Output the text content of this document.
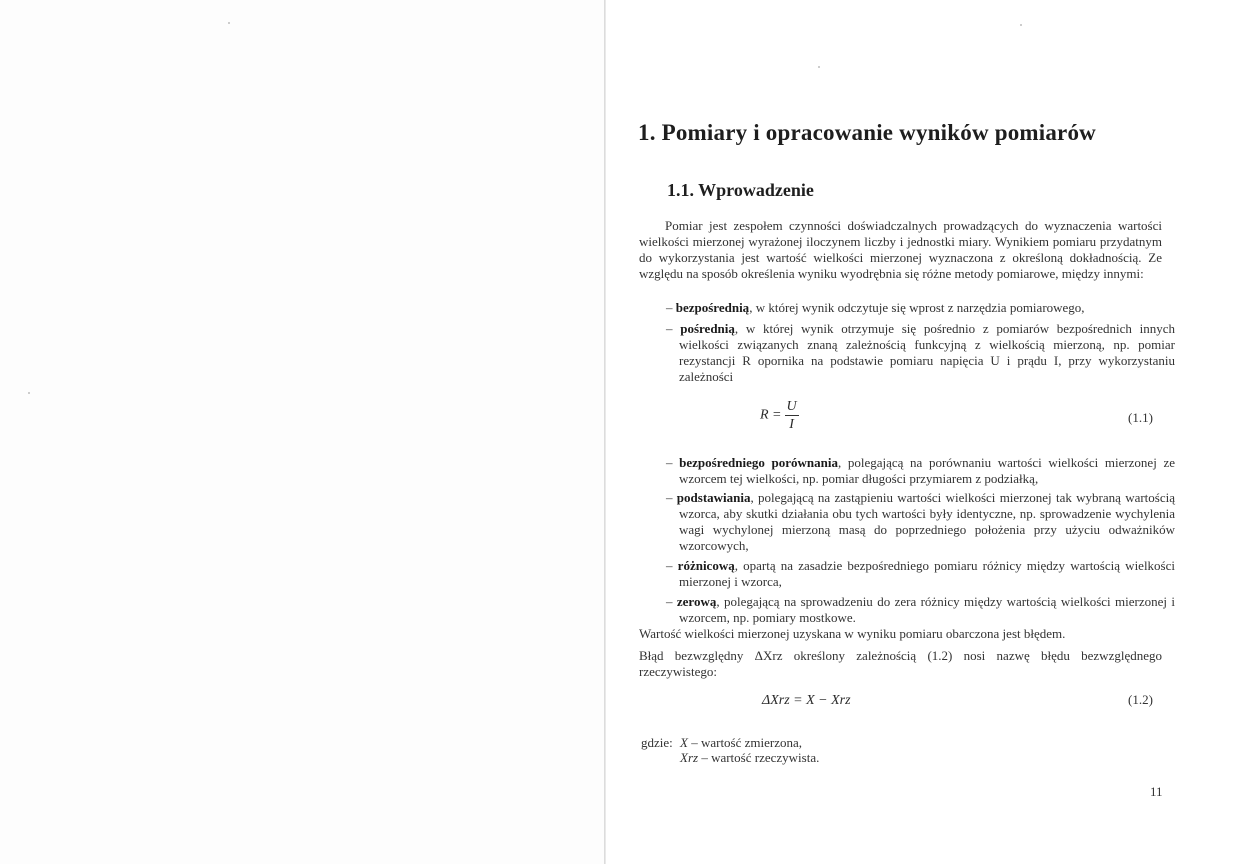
1. Pomiary i opracowanie wyników pomiarów
1.1. Wprowadzenie
Pomiar jest zespołem czynności doświadczalnych prowadzących do wyznaczenia wartości wielkości mierzonej wyrażonej iloczynem liczby i jednostki miary. Wynikiem pomiaru przydatnym do wykorzystania jest wartość wielkości mierzonej wyznaczona z określoną dokładnością. Ze względu na sposób określenia wyniku wyodrębnia się różne metody pomiarowe, między innymi:
– bezpośrednią, w której wynik odczytuje się wprost z narzędzia pomiarowego,
– pośrednią, w której wynik otrzymuje się pośrednio z pomiarów bezpośrednich innych wielkości związanych znaną zależnością funkcyjną z wielkością mierzoną, np. pomiar rezystancji R opornika na podstawie pomiaru napięcia U i prądu I, przy wykorzystaniu zależności
$R = \frac{U}{I}$	(1.1)
– bezpośredniego porównania, polegającą na porównaniu wartości wielkości mierzonej ze wzorcem tej wielkości, np. pomiar długości przymiarem z podziałką,
– podstawiania, polegającą na zastąpieniu wartości wielkości mierzonej tak wybraną wartością wzorca, aby skutki działania obu tych wartości były identyczne, np. sprowadzenie wychylenia wagi wychylonej mierzoną masą do poprzedniego położenia przy użyciu odważników wzorcowych,
– różnicową, opartą na zasadzie bezpośredniego pomiaru różnicy między wartością wielkości mierzonej i wzorca,
– zerową, polegającą na sprowadzeniu do zera różnicy między wartością wielkości mierzonej i wzorcem, np. pomiary mostkowe.
Wartość wielkości mierzonej uzyskana w wyniku pomiaru obarczona jest błędem.
Błąd bezwzględny ΔXrz określony zależnością (1.2) nosi nazwę błędu bezwzględnego rzeczywistego:
ΔXrz = X − Xrz	(1.2)
gdzie: X – wartość zmierzona,
Xrz – wartość rzeczywista.
11
